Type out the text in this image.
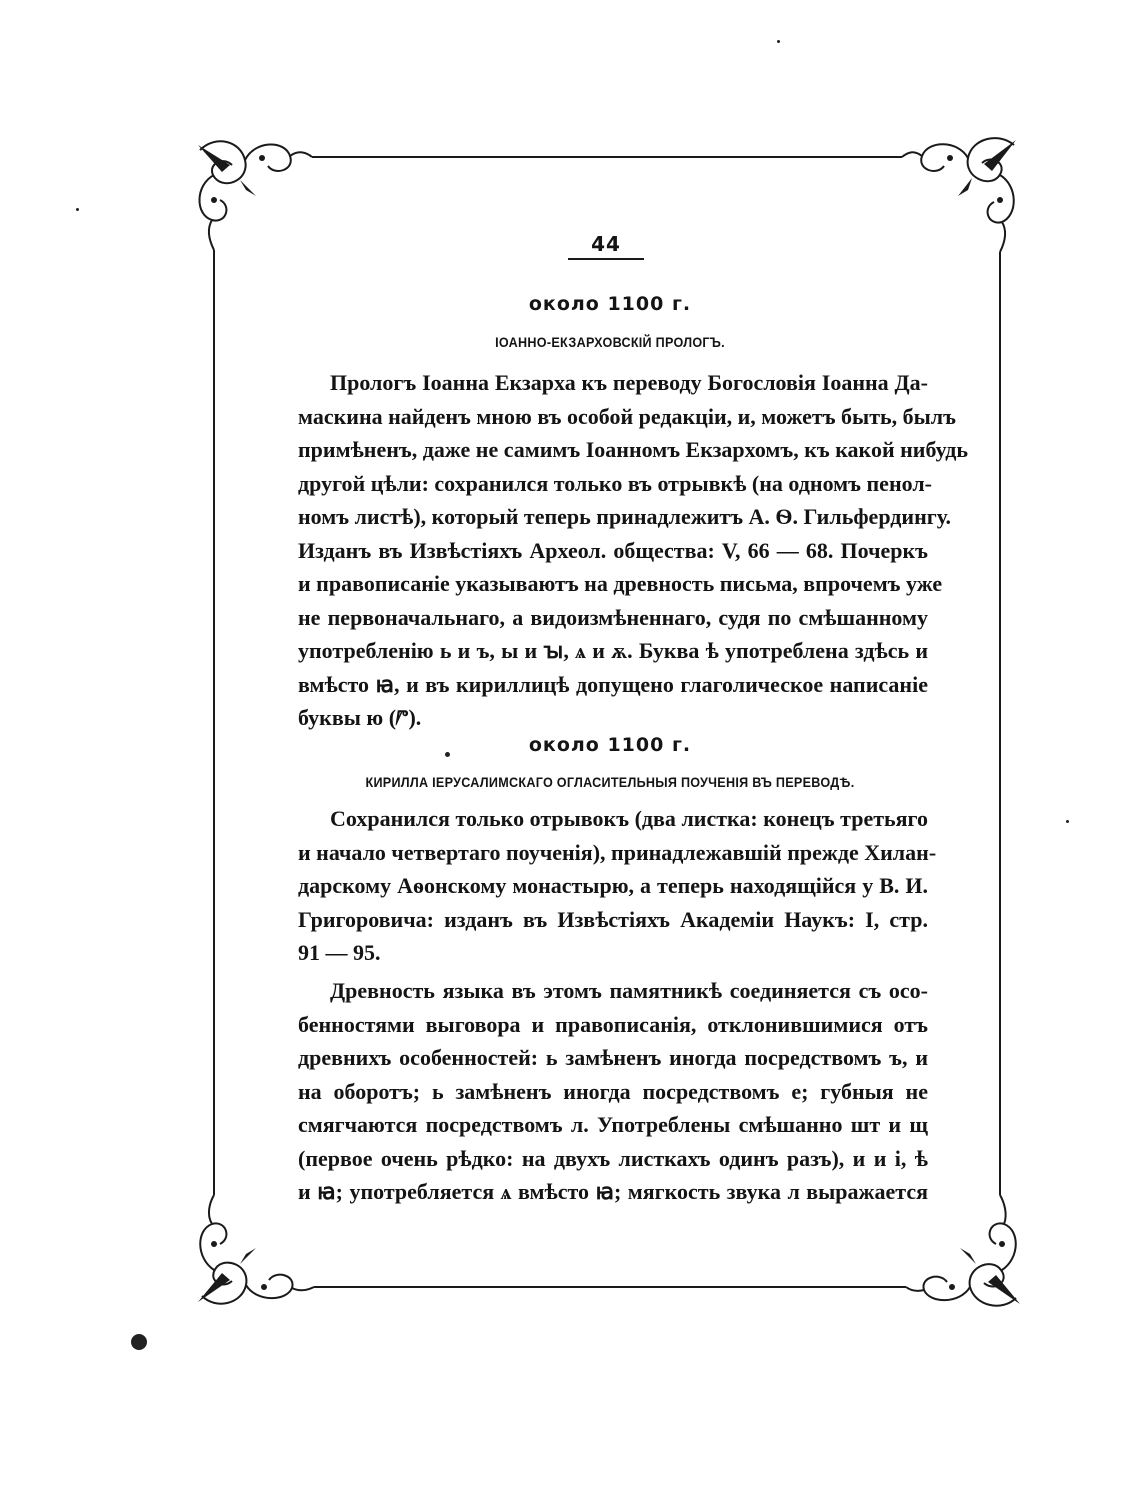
44
около 1100 г.
ІОАННО-ЕКЗАРХОВСКІЙ ПРОЛОГЪ.
Прологъ Іоанна Екзарха къ переводу Богословія Іоанна Да-
маскина найденъ мною въ особой редакціи, и, можетъ быть, былъ
примѣненъ, даже не самимъ Іоанномъ Екзархомъ, къ какой нибудь
другой цѣли: сохранился только въ отрывкѣ (на одномъ пенол-
номъ листѣ), который теперь принадлежитъ А. Ѳ. Гильфердингу.
Изданъ въ Извѣстіяхъ Археол. общества: V, 66 — 68. Почеркъ
и правописаніе указываютъ на древность письма, впрочемъ уже
не первоначальнаго, а видоизмѣненнаго, судя по смѣшанному
употребленію ь и ъ, ы и ꙑ, ѧ и ѫ. Буква ѣ употреблена здѣсь и
вмѣсто ꙗ, и въ кириллицѣ допущено глаголическое написаніе
буквы ю (ⱓ).
около 1100 г.
КИРИЛЛА ІЕРУСАЛИМСКАГО ОГЛАСИТЕЛЬНЫЯ ПОУЧЕНІЯ ВЪ ПЕРЕВОДѢ.
Сохранился только отрывокъ (два листка: конецъ третьяго
и начало четвертаго поученія), принадлежавшій прежде Хилан-
дарскому Аѳонскому монастырю, а теперь находящійся у В. И.
Григоровича: изданъ въ Извѣстіяхъ Академіи Наукъ: I, стр.
91 — 95.
Древность языка въ этомъ памятникѣ соединяется съ осо-
бенностями выговора и правописанія, отклонившимися отъ
древнихъ особенностей: ь замѣненъ иногда посредствомъ ъ, и
на оборотъ; ь замѣненъ иногда посредствомъ е; губныя не
смягчаются посредствомъ л. Употреблены смѣшанно шт и щ
(первое очень рѣдко: на двухъ листкахъ одинъ разъ), и и і, ѣ
и ꙗ; употребляется ѧ вмѣсто ꙗ; мягкость звука л выражается
